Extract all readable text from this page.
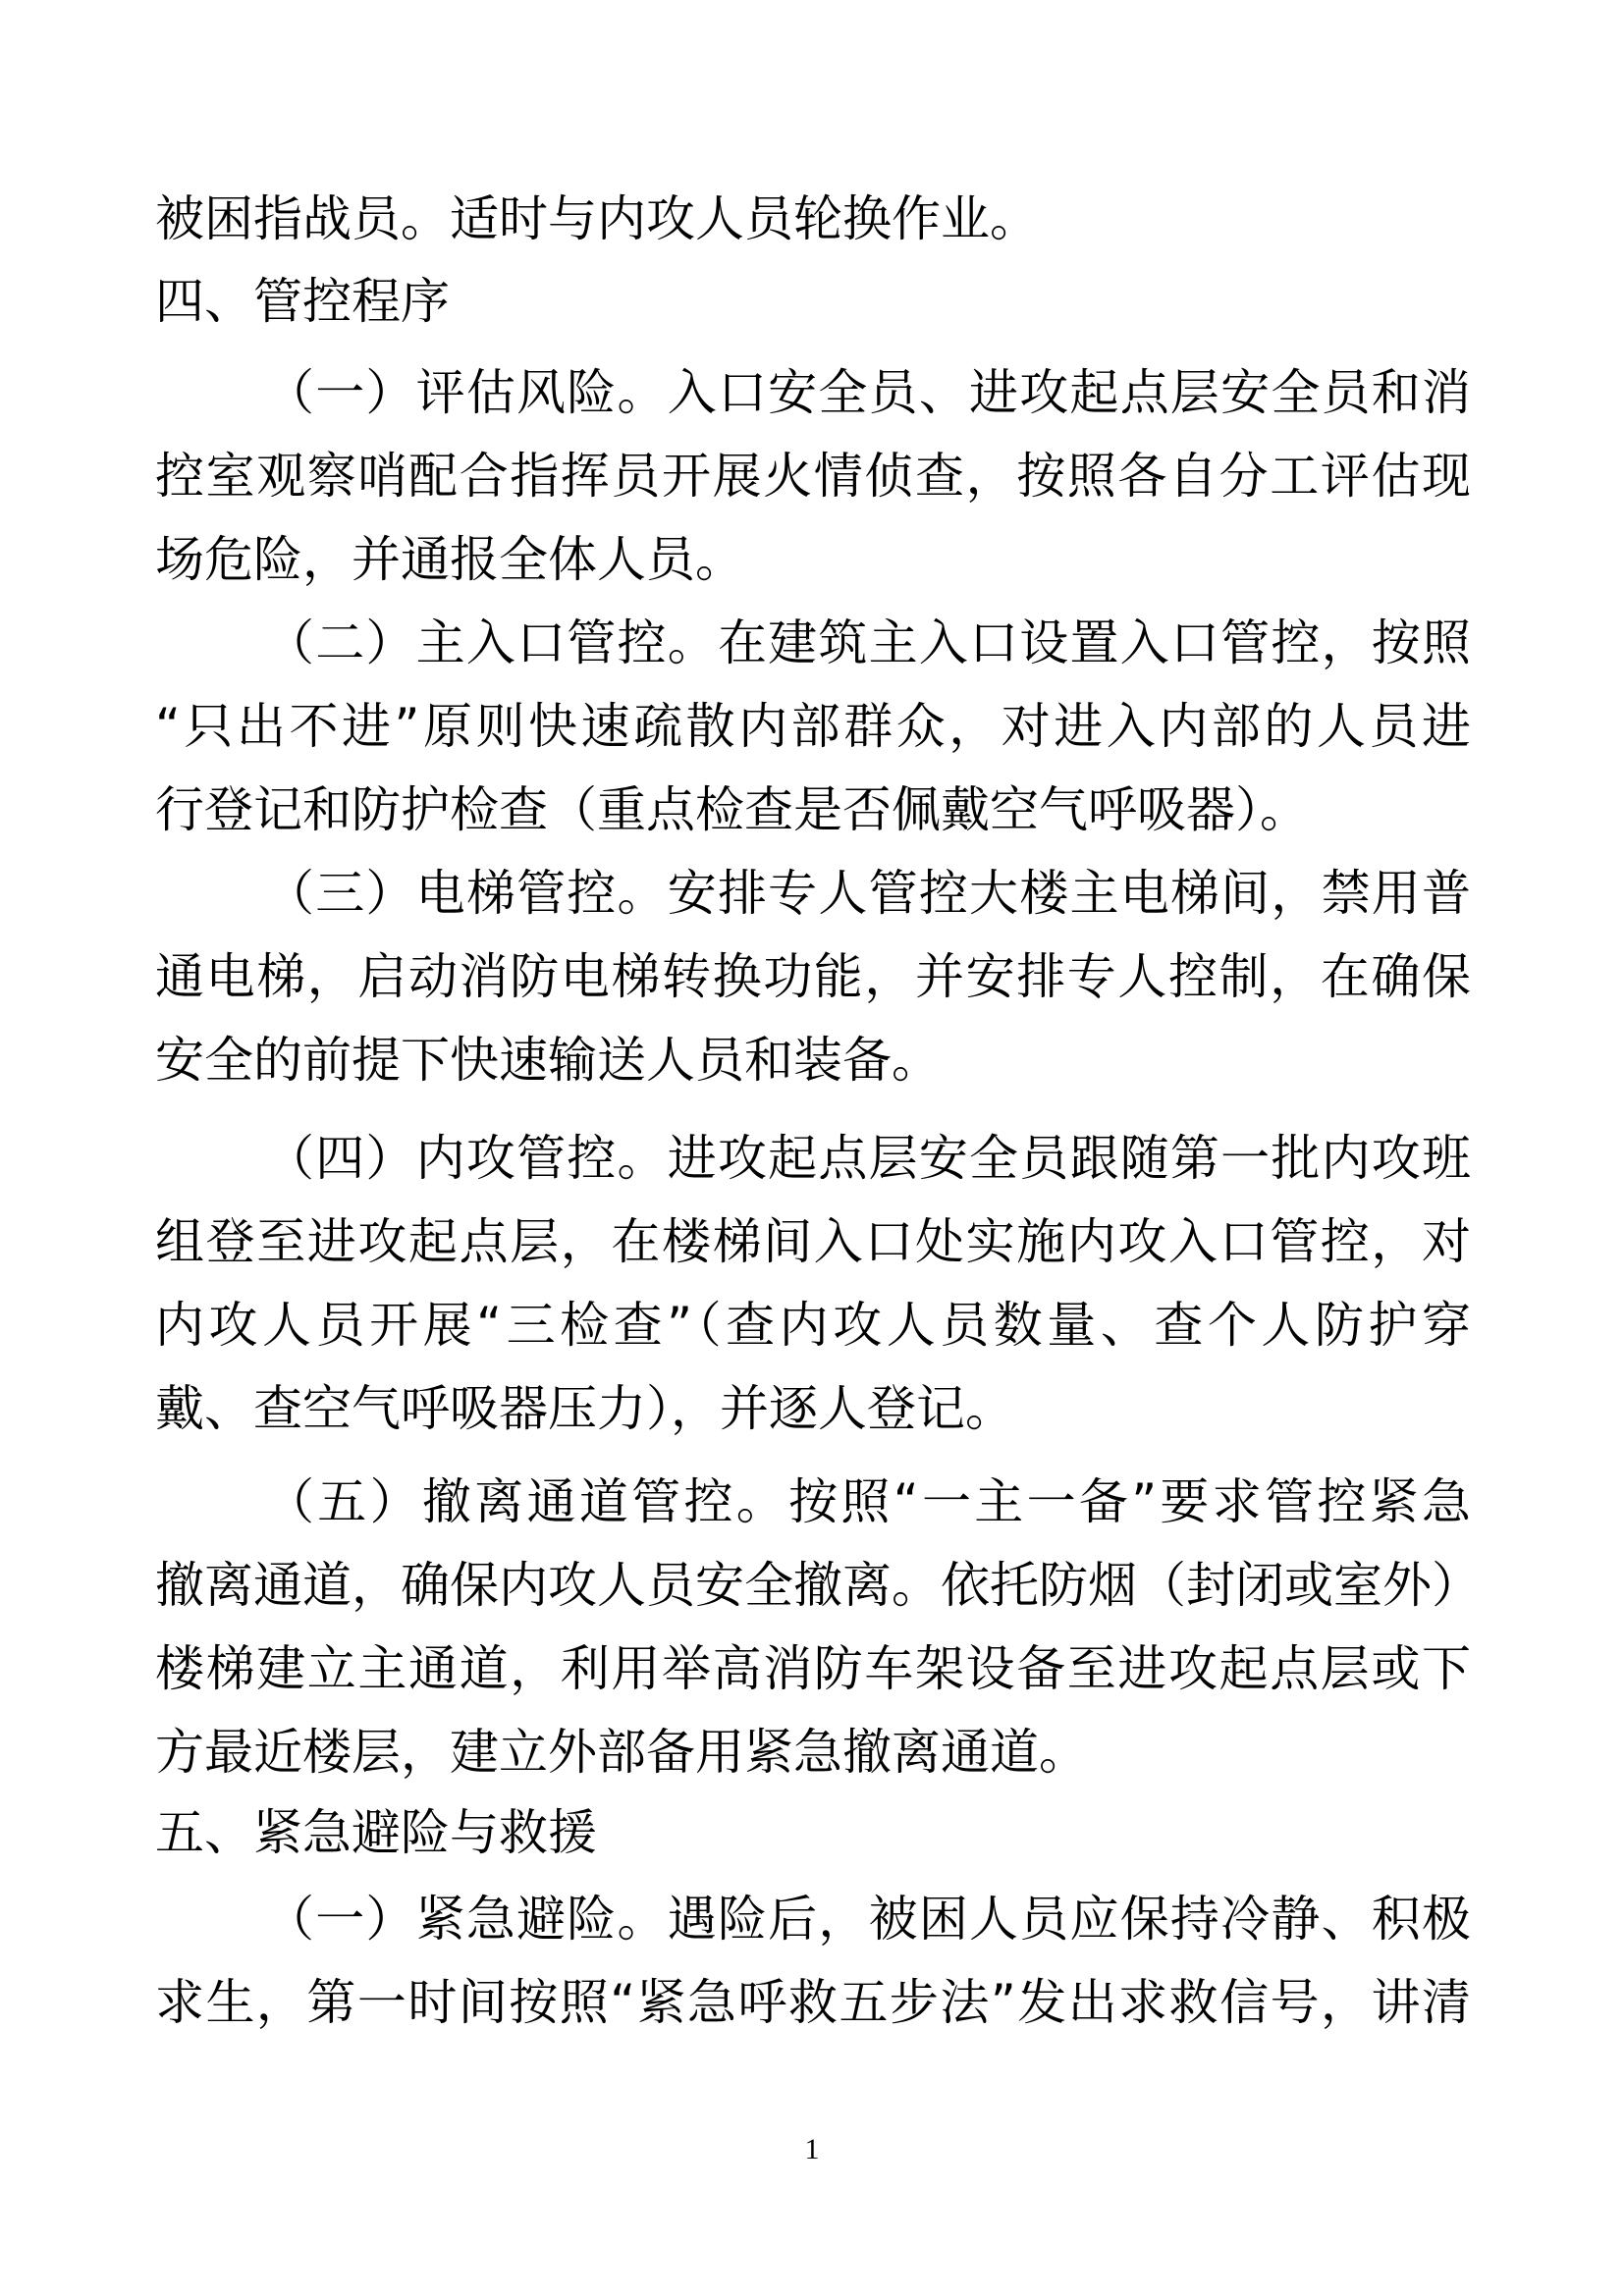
被困指战员。适时与内攻人员轮换作业。
四、管控程序
（一）评估风险。入口安全员、进攻起点层安全员和消
控室观察哨配合指挥员开展火情侦查，按照各自分工评估现
场危险，并通报全体人员。
（二）主入口管控。在建筑主入口设置入口管控，按照
“只出不进”原则快速疏散内部群众，对进入内部的人员进
行登记和防护检查（重点检查是否佩戴空气呼吸器）。
（三）电梯管控。安排专人管控大楼主电梯间，禁用普
通电梯，启动消防电梯转换功能，并安排专人控制，在确保
安全的前提下快速输送人员和装备。
（四）内攻管控。进攻起点层安全员跟随第一批内攻班
组登至进攻起点层，在楼梯间入口处实施内攻入口管控，对
内攻人员开展“三检查”（查内攻人员数量、查个人防护穿
戴、查空气呼吸器压力），并逐人登记。
（五）撤离通道管控。按照“一主一备”要求管控紧急
撤离通道，确保内攻人员安全撤离。依托防烟（封闭或室外）
楼梯建立主通道，利用举高消防车架设备至进攻起点层或下
方最近楼层，建立外部备用紧急撤离通道。
五、紧急避险与救援
（一）紧急避险。遇险后，被困人员应保持冷静、积极
求生，第一时间按照“紧急呼救五步法”发出求救信号，讲清
1
